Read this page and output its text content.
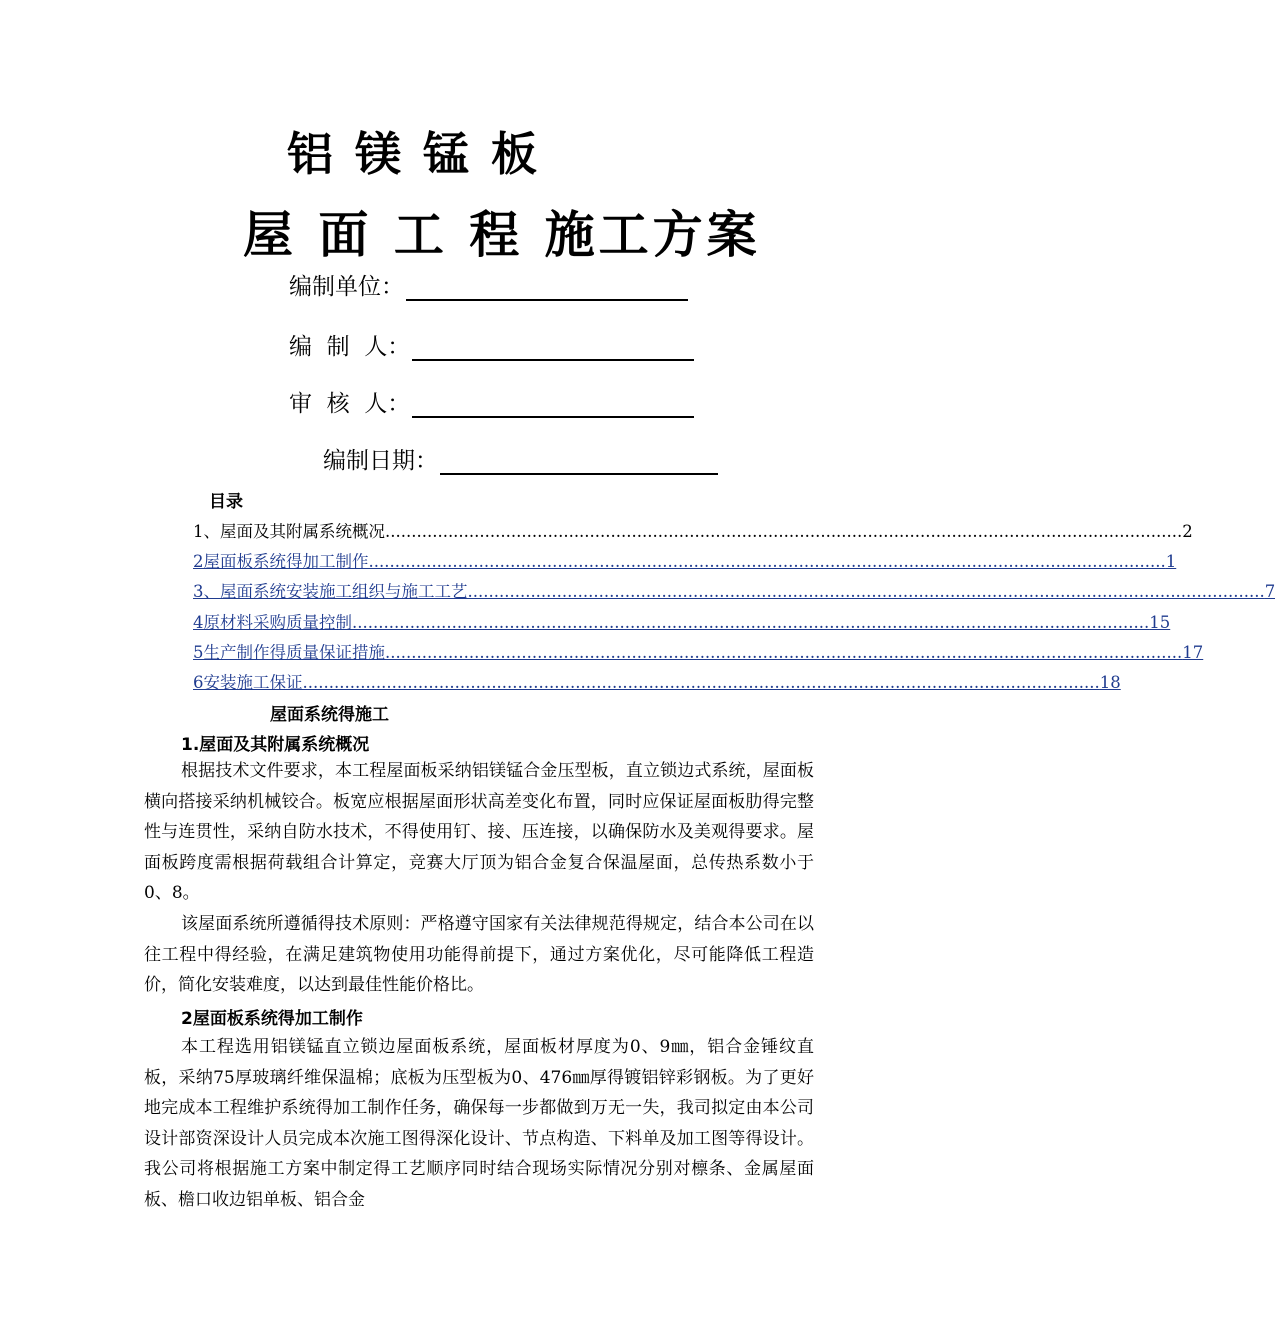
铝镁锰板
屋 面 工 程 施工方案
编制单位：
编  制  人：
审  核  人：
编制日期：
目录
1、屋面及其附属系统概况 ........................................................................................................................................................ 2
2屋面板系统得加工制作 ........................................................................................................................................................ 1
3、屋面系统安装施工组织与施工工艺 ........................................................................................................................................................ 7
4原材料采购质量控制 ........................................................................................................................................................ 15
5生产制作得质量保证措施 ........................................................................................................................................................ 17
6安装施工保证 ........................................................................................................................................................ 18
屋面系统得施工
1.屋面及其附属系统概况

根据技术文件要求，本工程屋面板采纳铝镁锰合金压型板，直立锁边式系统，屋面板横向搭接采纳机械铰合。板宽应根据屋面形状高差变化布置，同时应保证屋面板肋得完整性与连贯性，采纳自防水技术，不得使用钉、接、压连接，以确保防水及美观得要求。屋面板跨度需根据荷载组合计算定，竞赛大厅顶为铝合金复合保温屋面，总传热系数小于0、8。

该屋面系统所遵循得技术原则：严格遵守国家有关法律规范得规定，结合本公司在以往工程中得经验，在满足建筑物使用功能得前提下，通过方案优化，尽可能降低工程造价，简化安装难度，以达到最佳性能价格比。

2屋面板系统得加工制作

本工程选用铝镁锰直立锁边屋面板系统，屋面板材厚度为0、9㎜，铝合金锤纹直板，采纳75厚玻璃纤维保温棉；底板为压型板为0、476㎜厚得镀铝锌彩钢板。为了更好地完成本工程维护系统得加工制作任务，确保每一步都做到万无一失，我司拟定由本公司设计部资深设计人员完成本次施工图得深化设计、节点构造、下料单及加工图等得设计。我公司将根据施工方案中制定得工艺顺序同时结合现场实际情况分别对檩条、金属屋面板、檐口收边铝单板、铝合金
